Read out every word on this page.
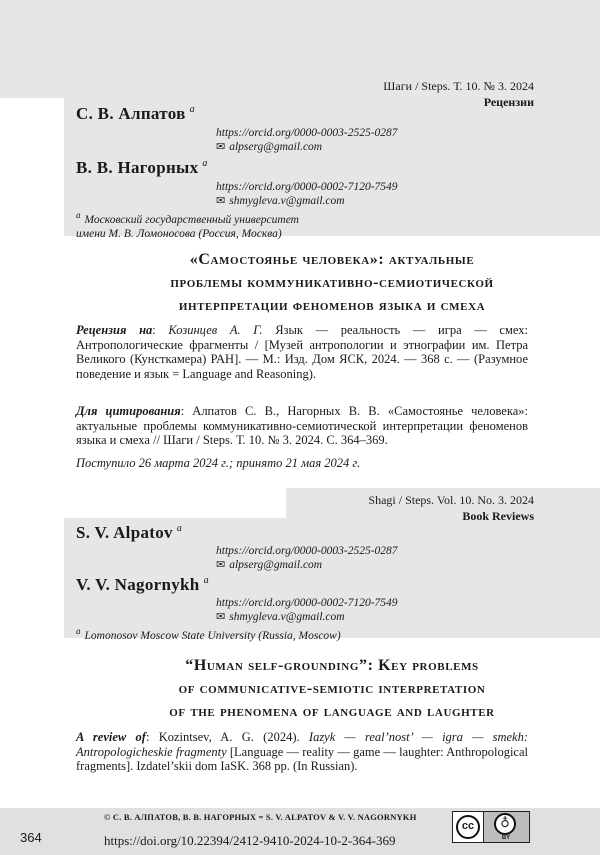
Шаги / Steps. Т. 10. № 3. 2024
Рецензии
С. В. Алпатов a
https://orcid.org/0000-0003-2525-0287
✉ alpserg@gmail.com
В. В. Нагорных a
https://orcid.org/0000-0002-7120-7549
✉ shmygleva.v@gmail.com
a Московский государственный университет
имени М. В. Ломоносова (Россия, Москва)
«Самостоянье человека»: актуальные
проблемы коммуникативно-семиотической
интерпретации феноменов языка и смеха
Рецензия на: Козинцев А. Г. Язык — реальность — игра — смех: Антропологические фрагменты / [Музей антропологии и этнографии им. Петра Великого (Кунсткамера) РАН]. — М.: Изд. Дом ЯСК, 2024. — 368 с. — (Разумное поведение и язык = Language and Reasoning).
Для цитирования: Алпатов С. В., Нагорных В. В. «Самостоянье человека»: актуальные проблемы коммуникативно-семиотической интерпретации феноменов языка и смеха // Шаги / Steps. Т. 10. № 3. 2024. С. 364–369.
Поступило 26 марта 2024 г.; принято 21 мая 2024 г.
Shagi / Steps. Vol. 10. No. 3. 2024
Book Reviews
S. V. Alpatov a
https://orcid.org/0000-0003-2525-0287
✉ alpserg@gmail.com
V. V. Nagornykh a
https://orcid.org/0000-0002-7120-7549
✉ shmygleva.v@gmail.com
a Lomonosov Moscow State University (Russia, Moscow)
“Human self-grounding”: Key problems
of communicative-semiotic interpretation
of the phenomena of language and laughter
A review of: Kozintsev, A. G. (2024). Iazyk — real’nost’ — igra — smekh: Antropologicheskie fragmenty [Language — reality — game — laughter: Anthropological fragments]. Izdatel’skii dom IaSK. 368 pp. (In Russian).
© С. В. АЛПАТОВ, В. В. НАГОРНЫХ = S. V. ALPATOV & V. V. NAGORNYKH
364	https://doi.org/10.22394/2412-9410-2024-10-2-364-369
cc	♁
BY
